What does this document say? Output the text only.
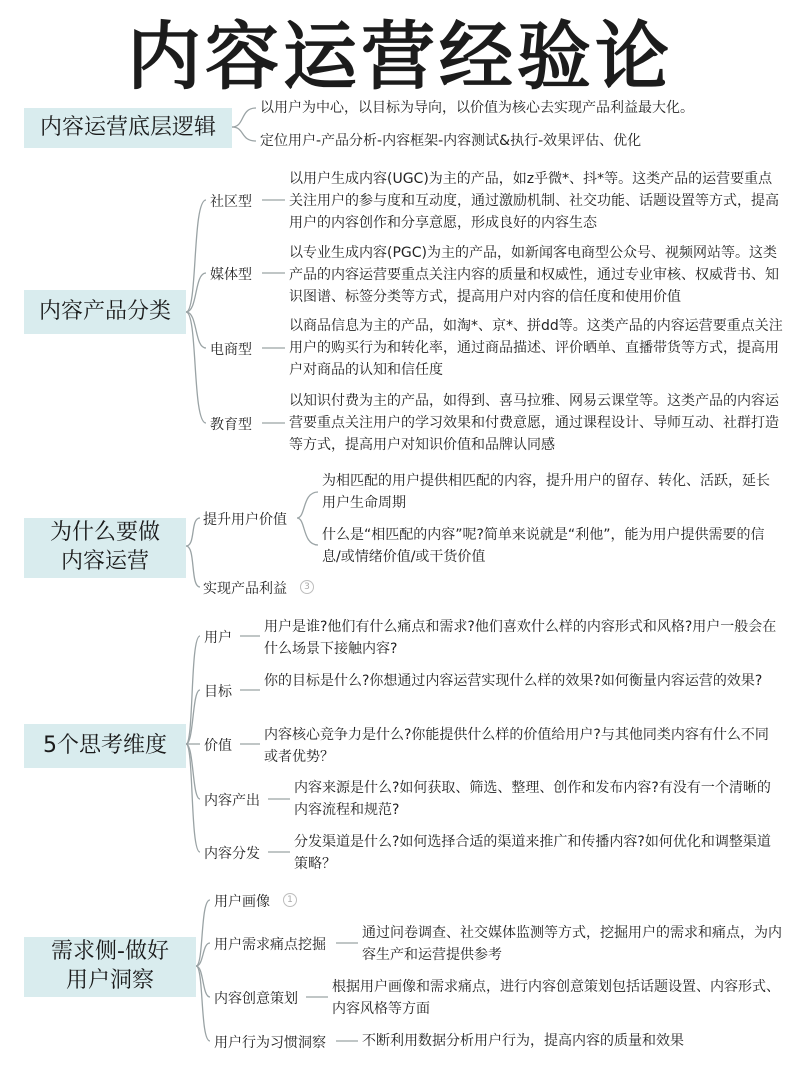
内容运营经验论
内容运营底层逻辑
以用户为中心，以目标为导向，以价值为核心去实现产品利益最大化。
定位用户-产品分析-内容框架-内容测试&执行-效果评估、优化
内容产品分类
社区型
以用户生成内容(UGC)为主的产品，如z乎微*、抖*等。这类产品的运营要重点关注用户的参与度和互动度，通过激励机制、社交功能、话题设置等方式，提高用户的内容创作和分享意愿，形成良好的内容生态
媒体型
以专业生成内容(PGC)为主的产品，如新闻客电商型公众号、视频网站等。这类产品的内容运营要重点关注内容的质量和权威性，通过专业审核、权威背书、知识图谱、标签分类等方式，提高用户对内容的信任度和使用价值
电商型
以商品信息为主的产品，如淘*、京*、拼dd等。这类产品的内容运营要重点关注用户的购买行为和转化率，通过商品描述、评价晒单、直播带货等方式，提高用户对商品的认知和信任度
教育型
以知识付费为主的产品，如得到、喜马拉雅、网易云课堂等。这类产品的内容运营要重点关注用户的学习效果和付费意愿，通过课程设计、导师互动、社群打造等方式，提高用户对知识价值和品牌认同感
为什么要做
内容运营
提升用户价值
为相匹配的用户提供相匹配的内容，提升用户的留存、转化、活跃，延长用户生命周期
什么是“相匹配的内容”呢?简单来说就是“利他”，能为用户提供需要的信息/或情绪价值/或干货价值
实现产品利益	3
5个思考维度
用户
用户是谁?他们有什么痛点和需求?他们喜欢什么样的内容形式和风格?用户一般会在什么场景下接触内容?
目标
你的目标是什么?你想通过内容运营实现什么样的效果?如何衡量内容运营的效果?
价值
内容核心竞争力是什么?你能提供什么样的价值给用户?与其他同类内容有什么不同或者优势？
内容产出
内容来源是什么?如何获取、筛选、整理、创作和发布内容?有没有一个清晰的内容流程和规范?
内容分发
分发渠道是什么?如何选择合适的渠道来推广和传播内容?如何优化和调整渠道策略？
需求侧-做好
用户洞察
用户画像	1
用户需求痛点挖掘
通过问卷调查、社交媒体监测等方式，挖掘用户的需求和痛点，为内容生产和运营提供参考
内容创意策划
根据用户画像和需求痛点，进行内容创意策划包括话题设置、内容形式、内容风格等方面
用户行为习惯洞察	不断利用数据分析用户行为，提高内容的质量和效果
